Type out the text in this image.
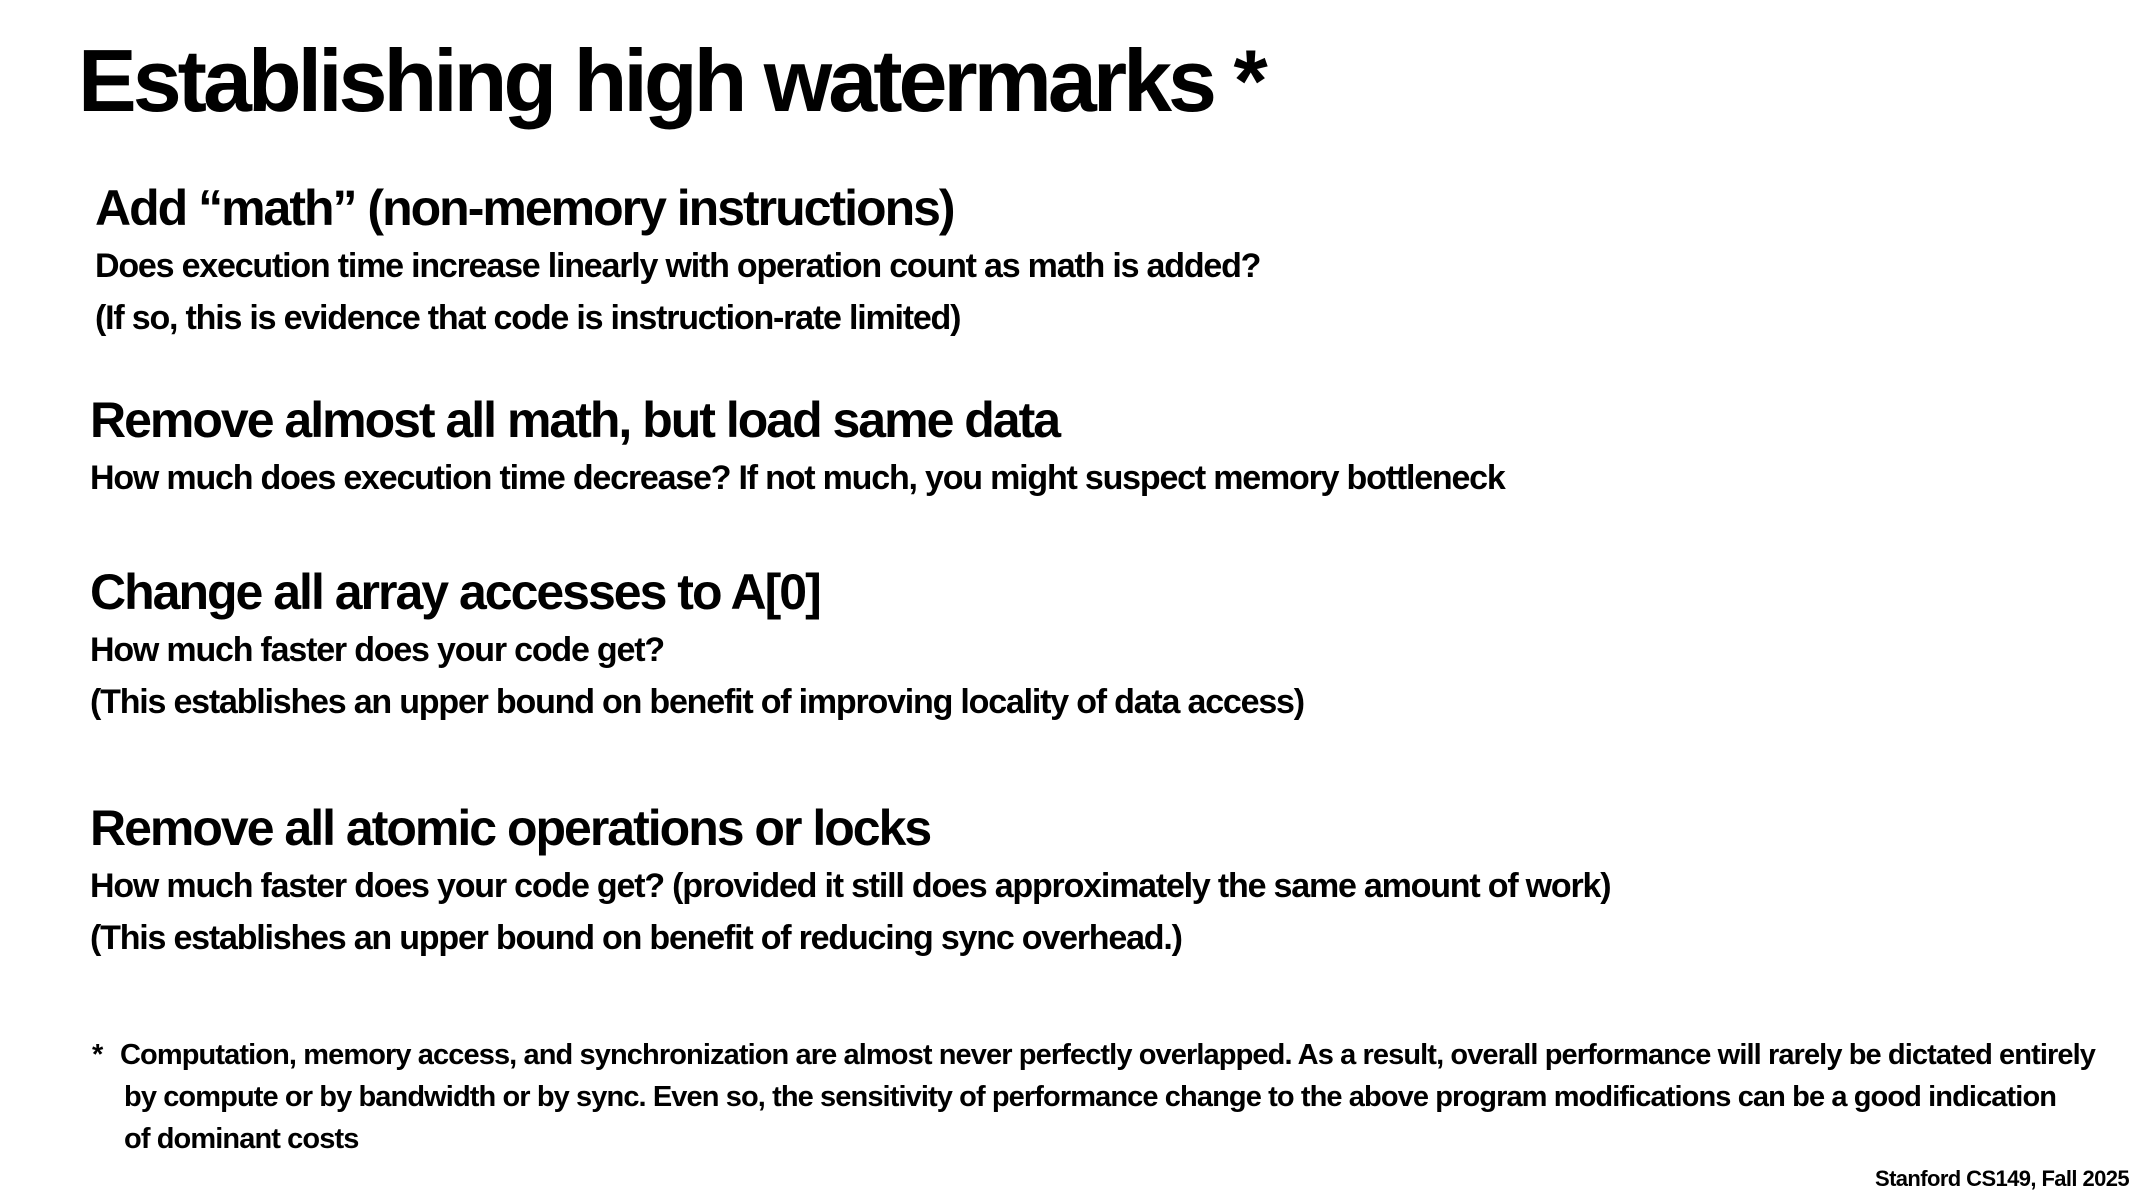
Establishing high watermarks *
Add “math” (non-memory instructions)

Does execution time increase linearly with operation count as math is added?

(If so, this is evidence that code is instruction-rate limited)

Remove almost all math, but load same data

How much does execution time decrease? If not much, you might suspect memory bottleneck

Change all array accesses to A[0]

How much faster does your code get?

(This establishes an upper bound on benefit of improving locality of data access)

Remove all atomic operations or locks

How much faster does your code get? (provided it still does approximately the same amount of work)

(This establishes an upper bound on benefit of reducing sync overhead.)

* Computation, memory access, and synchronization are almost never perfectly overlapped. As a result, overall performance will rarely be dictated entirely
by compute or by bandwidth or by sync. Even so, the sensitivity of performance change to the above program modifications can be a good indication
of dominant costs
Stanford CS149, Fall 2025
